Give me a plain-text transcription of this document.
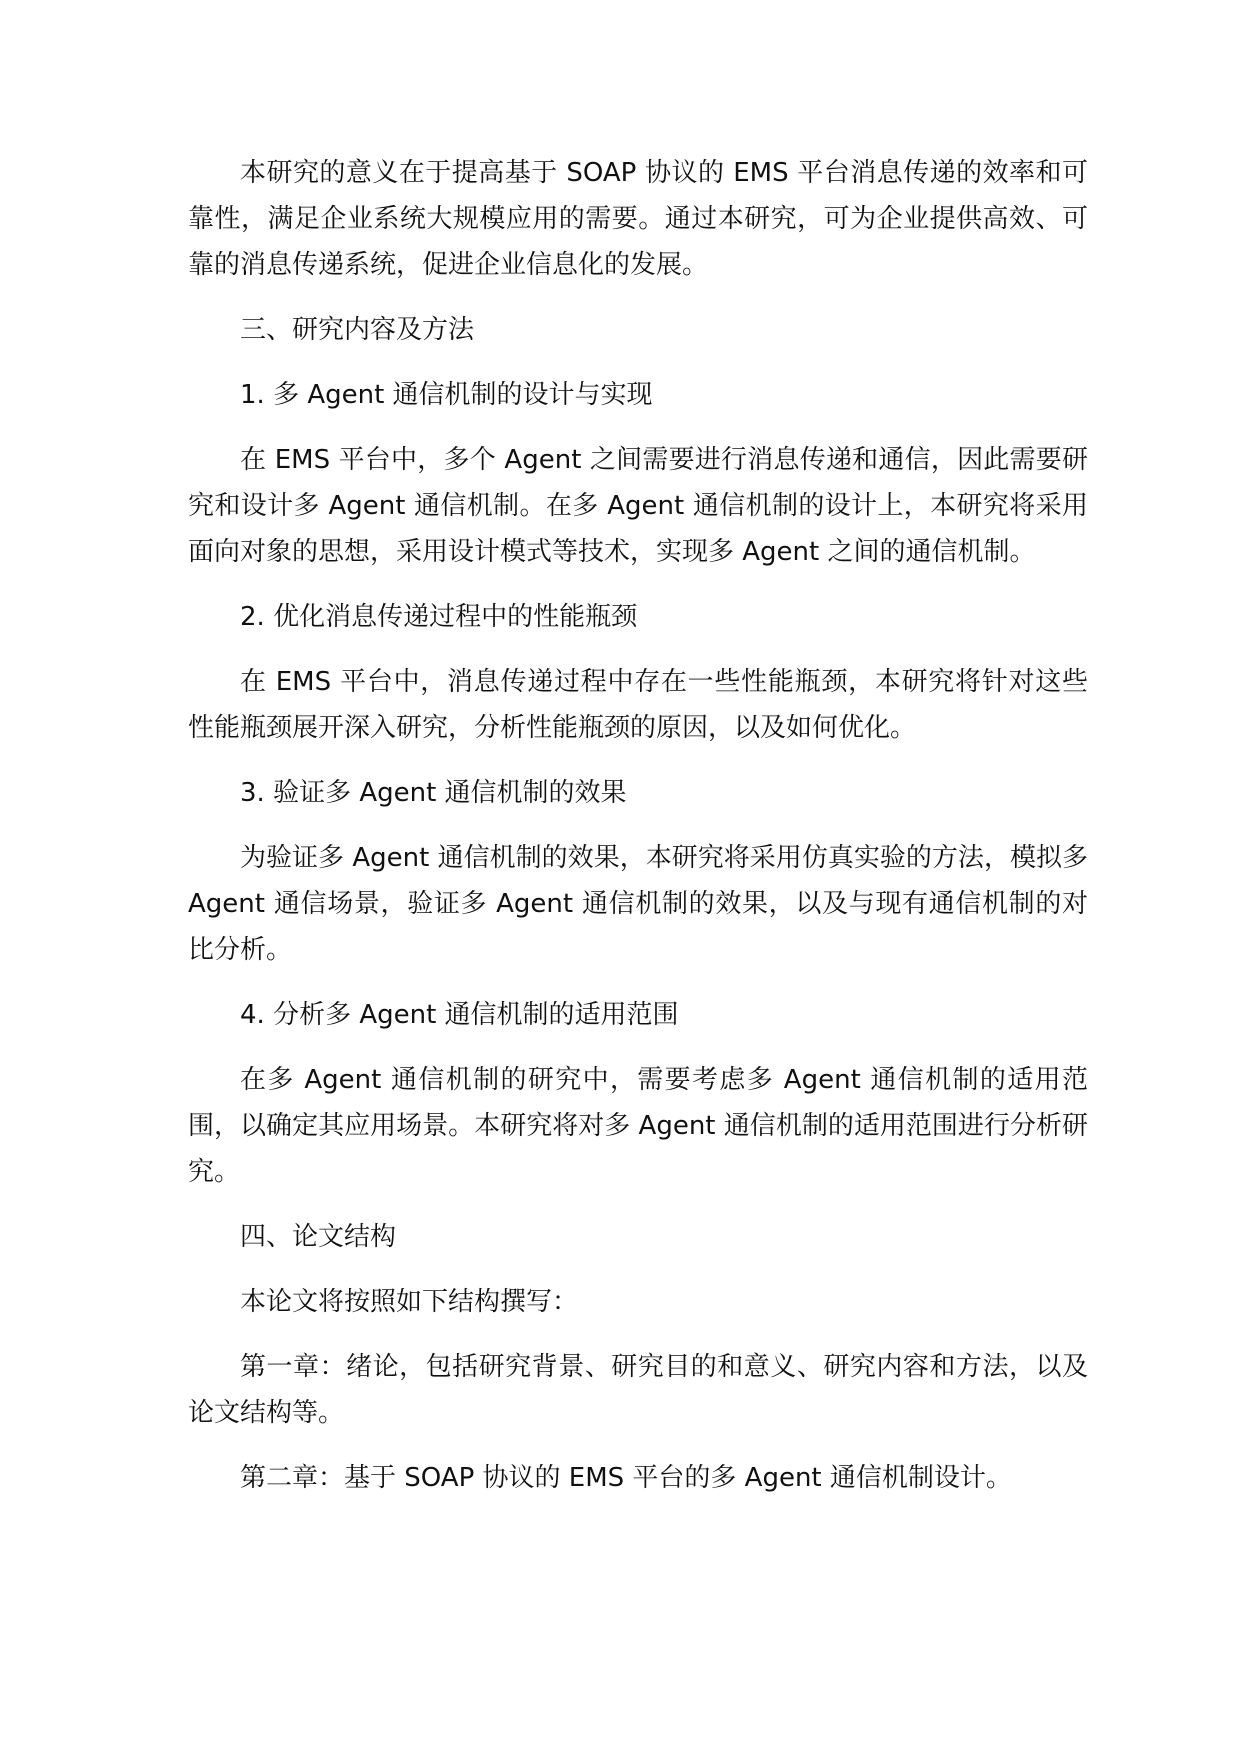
本研究的意义在于提高基于 SOAP 协议的 EMS 平台消息传递的效率和可靠性，满足企业系统大规模应用的需要。通过本研究，可为企业提供高效、可靠的消息传递系统，促进企业信息化的发展。

三、研究内容及方法

1. 多 Agent 通信机制的设计与实现

在 EMS 平台中，多个 Agent 之间需要进行消息传递和通信，因此需要研究和设计多 Agent 通信机制。在多 Agent 通信机制的设计上，本研究将采用面向对象的思想，采用设计模式等技术，实现多 Agent 之间的通信机制。

2. 优化消息传递过程中的性能瓶颈

在 EMS 平台中，消息传递过程中存在一些性能瓶颈，本研究将针对这些性能瓶颈展开深入研究，分析性能瓶颈的原因，以及如何优化。

3. 验证多 Agent 通信机制的效果

为验证多 Agent 通信机制的效果，本研究将采用仿真实验的方法，模拟多 Agent 通信场景，验证多 Agent 通信机制的效果，以及与现有通信机制的对比分析。

4. 分析多 Agent 通信机制的适用范围

在多 Agent 通信机制的研究中，需要考虑多 Agent 通信机制的适用范围，以确定其应用场景。本研究将对多 Agent 通信机制的适用范围进行分析研究。

四、论文结构

本论文将按照如下结构撰写：

第一章：绪论，包括研究背景、研究目的和意义、研究内容和方法，以及论文结构等。

第二章：基于 SOAP 协议的 EMS 平台的多 Agent 通信机制设计。
